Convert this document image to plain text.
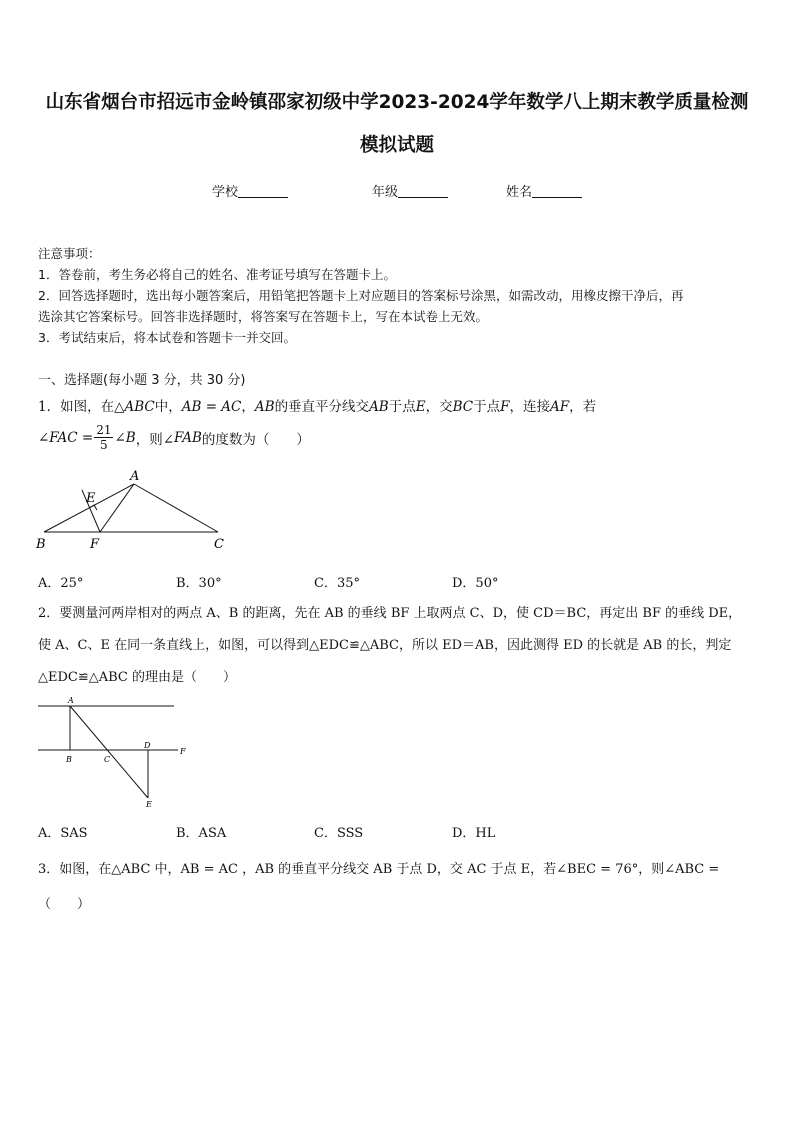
山东省烟台市招远市金岭镇邵家初级中学2023-2024学年数学八上期末教学质量检测
模拟试题
学校	年级	姓名
注意事项：
1．答卷前，考生务必将自己的姓名、准考证号填写在答题卡上。
2．回答选择题时，选出每小题答案后，用铅笔把答题卡上对应题目的答案标号涂黑，如需改动，用橡皮擦干净后，再
选涂其它答案标号。回答非选择题时，将答案写在答题卡上，写在本试卷上无效。
3．考试结束后，将本试卷和答题卡一并交回。
一、选择题(每小题 3 分，共 30 分)
1．如图，在△ABC中，AB = AC，AB的垂直平分线交AB于点E，交BC于点F，连接AF，若
∠FAC = $\frac{21}{5}$ ∠B ，则∠ FAB 的度数为（　　）
A
E
B	F	C
A．25°	B．30°	C．35°	D．50°
2．要测量河两岸相对的两点 A、B 的距离，先在 AB 的垂线 BF 上取两点 C、D，使 CD＝BC，再定出 BF 的垂线 DE，
使 A、C、E 在同一条直线上，如图，可以得到△EDC≌△ABC，所以 ED＝AB，因此测得 ED 的长就是 AB 的长，判定
△EDC≌△ABC 的理由是（　　）
A
B	C
D
F
E
A．SAS	B．ASA	C．SSS	D．HL
3．如图，在△ABC 中，AB = AC ，AB 的垂直平分线交 AB 于点 D，交 AC 于点 E，若∠BEC = 76°，则∠ABC =
（　　）
